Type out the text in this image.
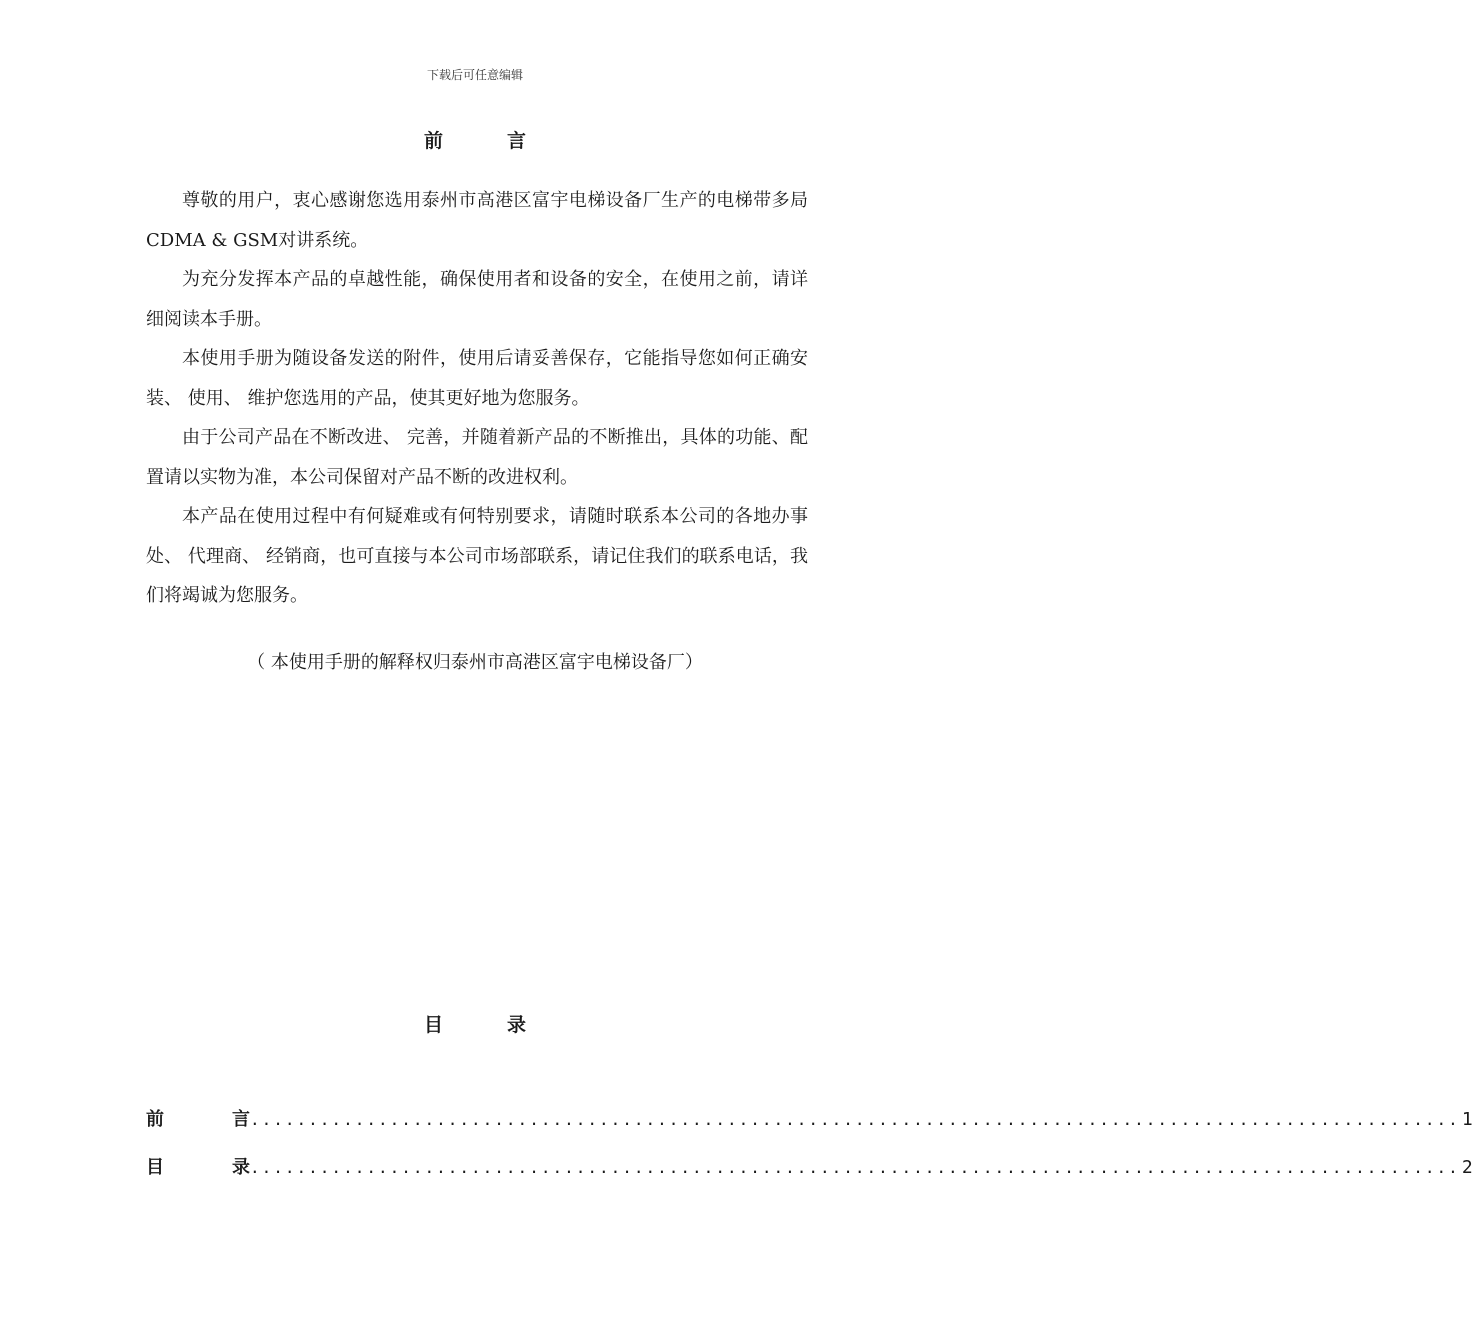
下载后可任意编辑
前	言

尊敬的用户，衷心感谢您选用泰州市高港区富宇电梯设备厂生产的电梯带多局CDMA & GSM对讲系统。

为充分发挥本产品的卓越性能，确保使用者和设备的安全，在使用之前，请详细阅读本手册。

本使用手册为随设备发送的附件，使用后请妥善保存，它能指导您如何正确安装、 使用、 维护您选用的产品，使其更好地为您服务。

由于公司产品在不断改进、 完善，并随着新产品的不断推出，具体的功能、配置请以实物为准，本公司保留对产品不断的改进权利。

本产品在使用过程中有何疑难或有何特别要求，请随时联系本公司的各地办事处、 代理商、 经销商，也可直接与本公司市场部联系，请记住我们的联系电话，我们将竭诚为您服务。

（ 本使用手册的解释权归泰州市高港区富宇电梯设备厂）
目	录
前	言 ........................................................................................................ 1
目	录 ........................................................................................................ 2
